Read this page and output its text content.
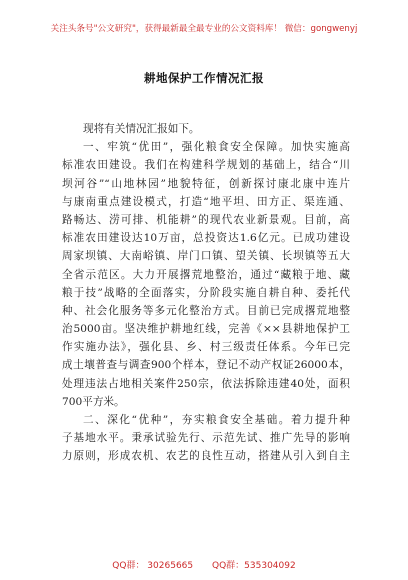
关注头条号"公文研究"，获得最新最全最专业的公文资料库！ 微信：gongwenyj
耕地保护工作情况汇报
现将有关情况汇报如下。
一、牢筑“优田”，强化粮食安全保障。加快实施高
标准农田建设。我们在构建科学规划的基础上，结合“川
坝河谷”“山地林园”地貌特征，创新探讨康北康中连片
与康南重点建设模式，打造“地平坦、田方正、渠连通、
路畅达、涝可排、机能耕”的现代农业新景观。目前，高
标准农田建设达10万亩，总投资达1.6亿元。已成功建设
周家坝镇、大南峪镇、岸门口镇、望关镇、长坝镇等五大
全省示范区。大力开展撂荒地整治，通过“藏粮于地、藏
粮于技”战略的全面落实，分阶段实施自耕自种、委托代
种、社会化服务等多元化整治方式。目前已完成撂荒地整
治5000亩。坚决维护耕地红线，完善《××县耕地保护工
作实施办法》，强化县、乡、村三级责任体系。今年已完
成土壤普查与调查900个样本，登记不动产权证26000本，
处理违法占地相关案件250宗，依法拆除违建40处，面积
700平方米。
二、深化“优种”，夯实粮食安全基础。着力提升种
子基地水平。秉承试验先行、示范先试、推广先导的影响
力原则，形成农机、农艺的良性互动，搭建从引入到自主
QQ群： 30265665 QQ群：535304092
